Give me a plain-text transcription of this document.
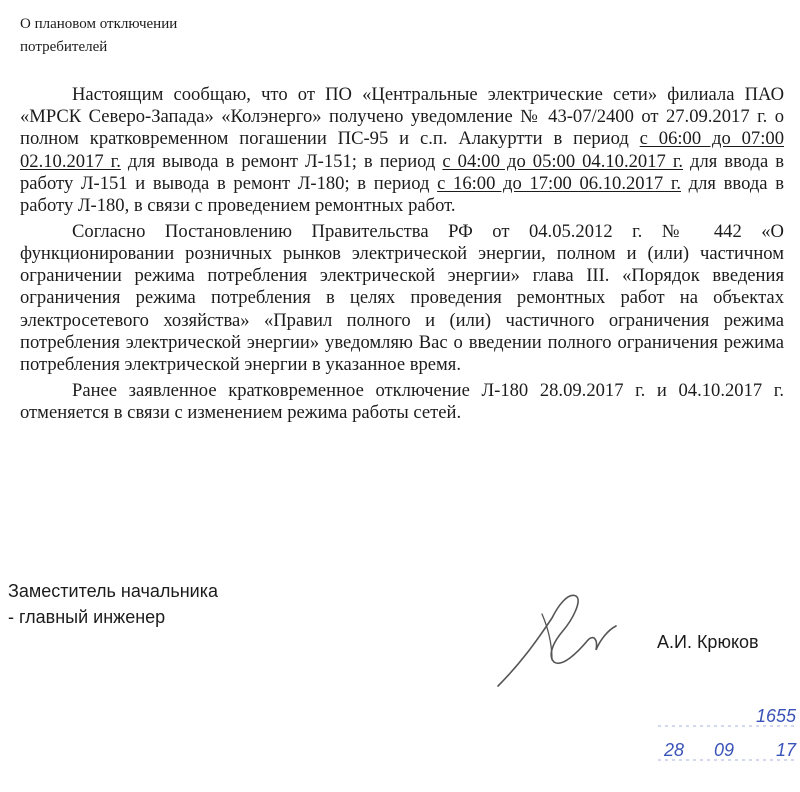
О плановом отключении
потребителей

Настоящим сообщаю, что от ПО «Центральные электрические сети» филиала ПАО «МРСК Северо-Запада» «Колэнерго» получено уведомление № 43-07/2400 от 27.09.2017 г. о полном кратковременном погашении ПС-95 и с.п. Алакуртти в период с 06:00 до 07:00 02.10.2017 г. для вывода в ремонт Л-151; в период с 04:00 до 05:00 04.10.2017 г. для ввода в работу Л-151 и вывода в ремонт Л-180; в период с 16:00 до 17:00 06.10.2017 г. для ввода в работу Л-180, в связи с проведением ремонтных работ.

Согласно Постановлению Правительства РФ от 04.05.2012 г. № 442 «О функционировании розничных рынков электрической энергии, полном и (или) частичном ограничении режима потребления электрической энергии» глава III. «Порядок введения ограничения режима потребления в целях проведения ремонтных работ на объектах электросетевого хозяйства» «Правил полного и (или) частичного ограничения режима потребления электрической энергии» уведомляю Вас о введении полного ограничения режима потребления электрической энергии в указанное время.

Ранее заявленное кратковременное отключение Л-180 28.09.2017 г. и 04.10.2017 г. отменяется в связи с изменением режима работы сетей.

Заместитель начальника
- главный инженер
А.И. Крюков
1655
28 09 17
